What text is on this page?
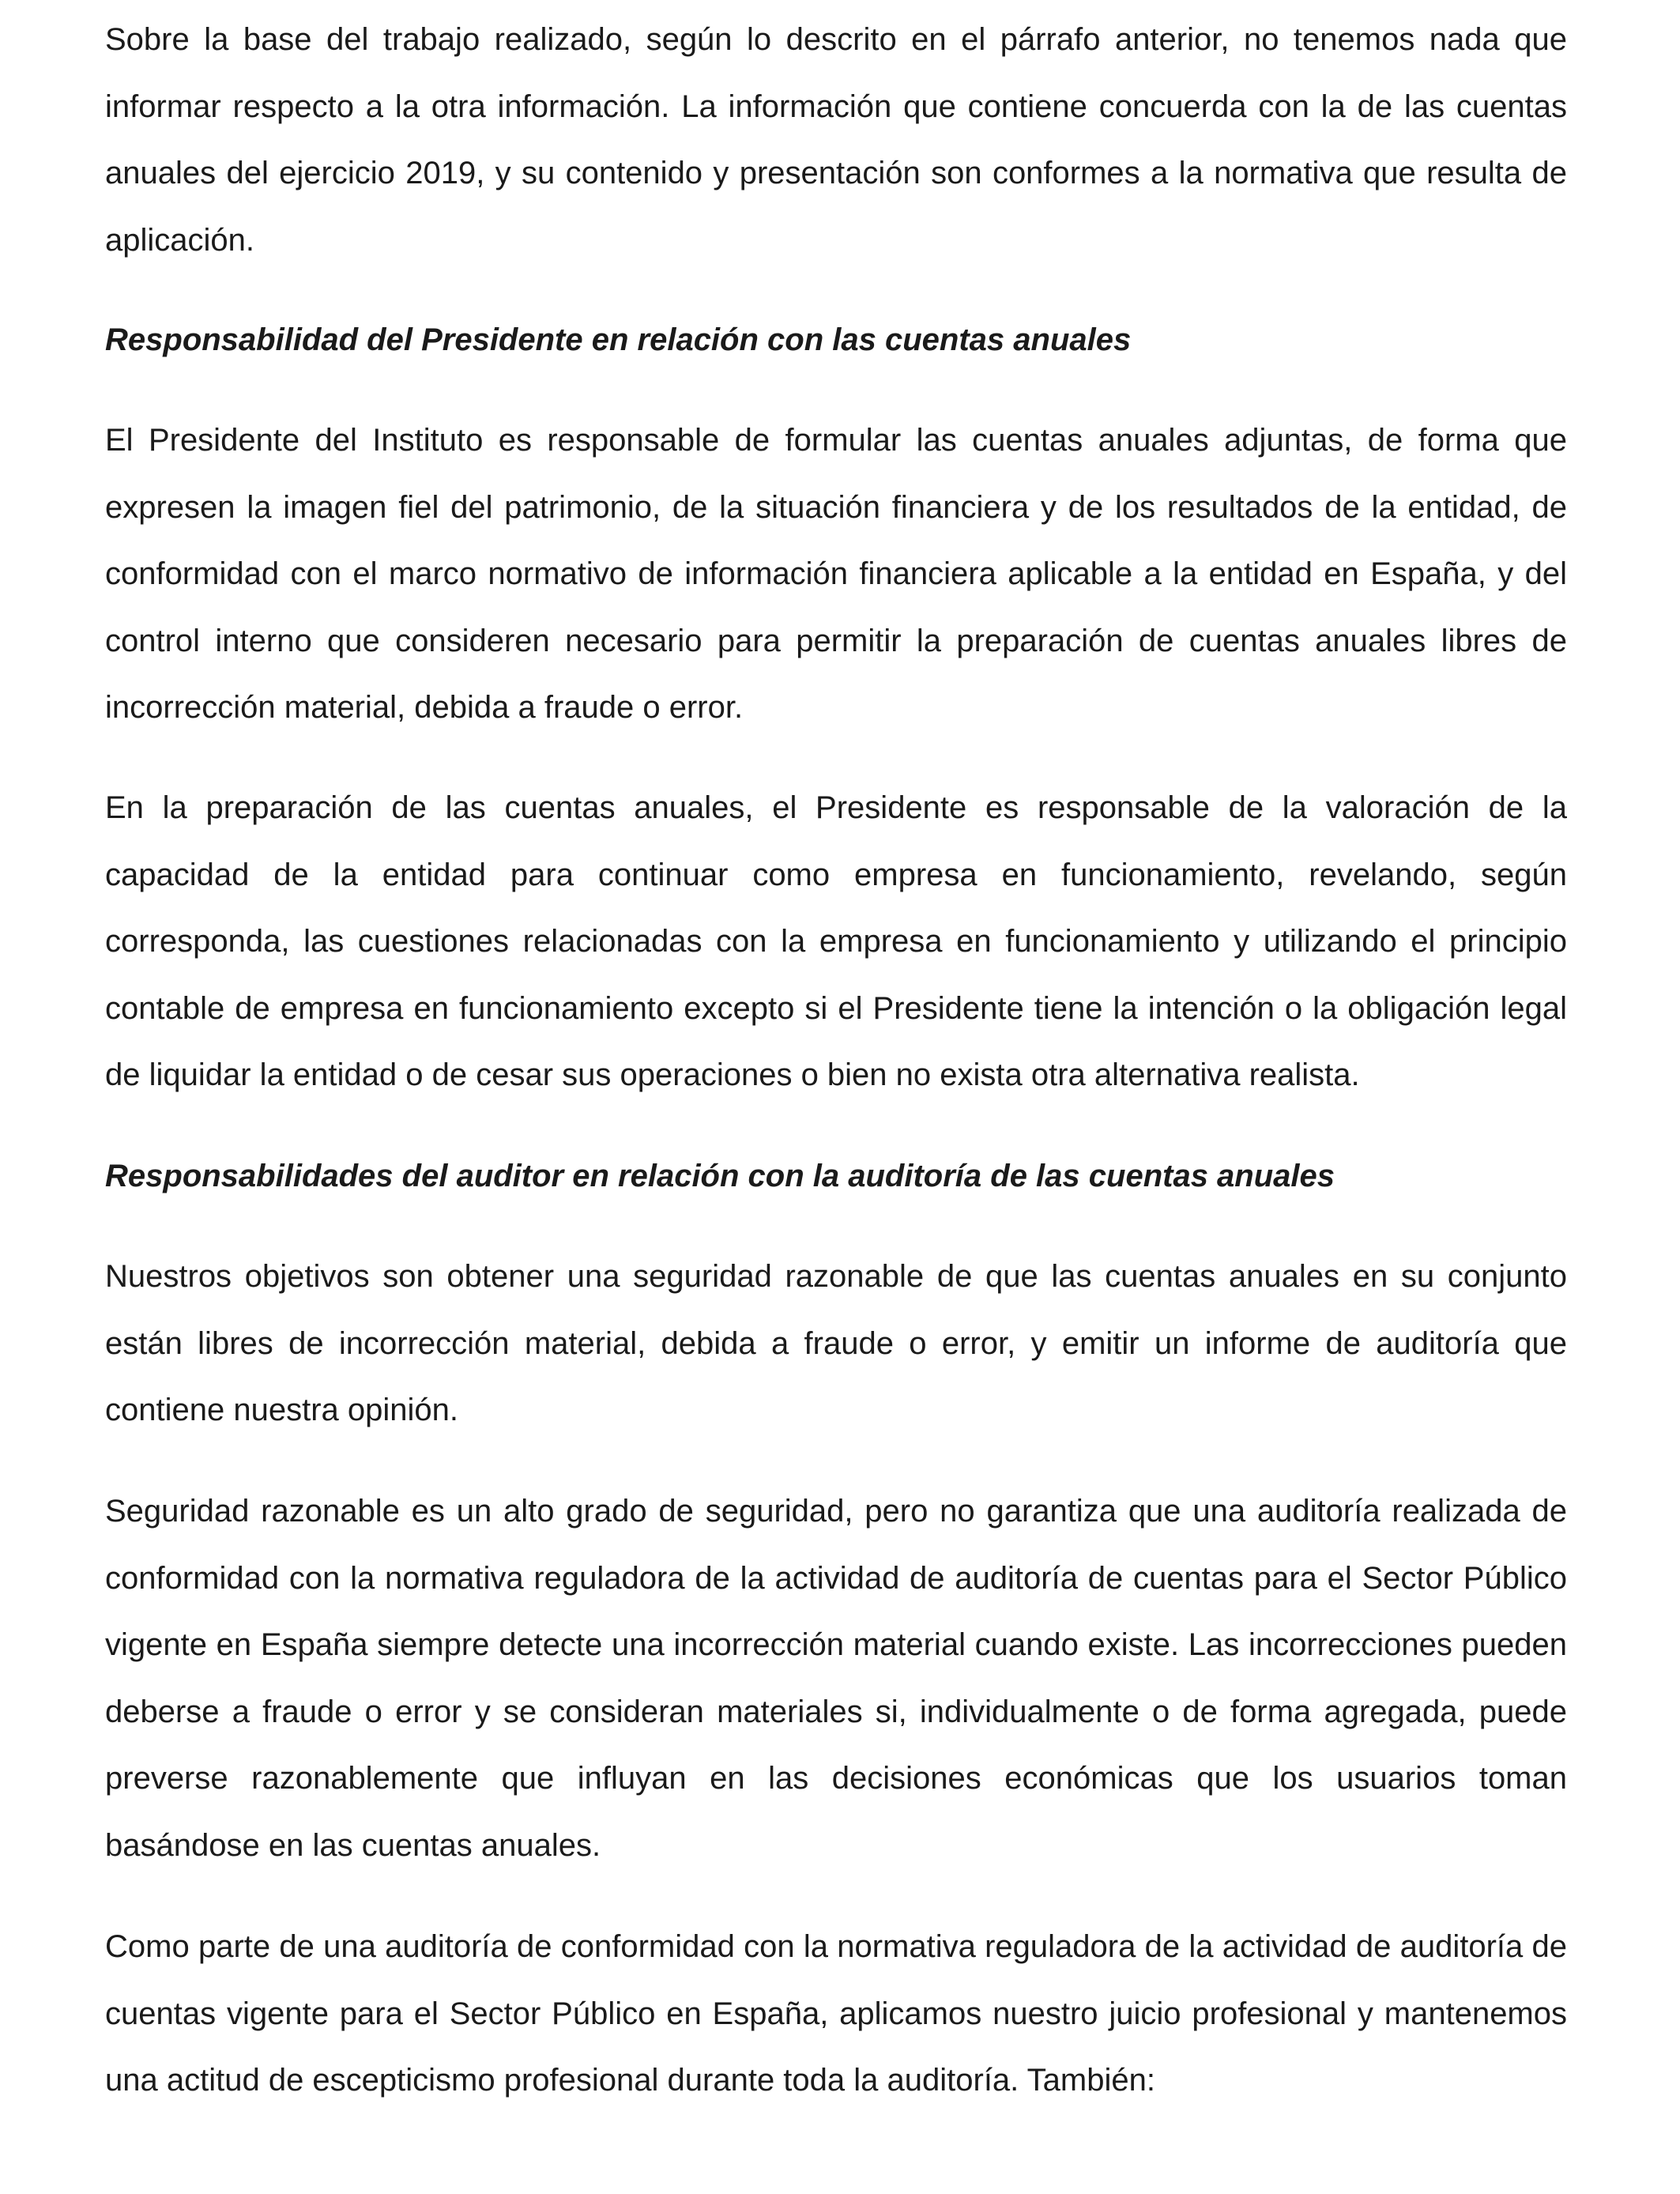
Sobre la base del trabajo realizado, según lo descrito en el párrafo anterior, no tenemos nada que informar respecto a la otra información. La información que contiene concuerda con la de las cuentas anuales del ejercicio 2019, y su contenido y presentación son conformes a la normativa que resulta de aplicación.

Responsabilidad del Presidente en relación con las cuentas anuales

El Presidente del Instituto es responsable de formular las cuentas anuales adjuntas, de forma que expresen la imagen fiel del patrimonio, de la situación financiera y de los resultados de la entidad, de conformidad con el marco normativo de información financiera aplicable a la entidad en España, y del control interno que consideren necesario para permitir la preparación de cuentas anuales libres de incorrección material, debida a fraude o error.

En la preparación de las cuentas anuales, el Presidente es responsable de la valoración de la capacidad de la entidad para continuar como empresa en funcionamiento, revelando, según corresponda, las cuestiones relacionadas con la empresa en funcionamiento y utilizando el principio contable de empresa en funcionamiento excepto si el Presidente tiene la intención o la obligación legal de liquidar la entidad o de cesar sus operaciones o bien no exista otra alternativa realista.

Responsabilidades del auditor en relación con la auditoría de las cuentas anuales

Nuestros objetivos son obtener una seguridad razonable de que las cuentas anuales en su conjunto están libres de incorrección material, debida a fraude o error, y emitir un informe de auditoría que contiene nuestra opinión.

Seguridad razonable es un alto grado de seguridad, pero no garantiza que una auditoría realizada de conformidad con la normativa reguladora de la actividad de auditoría de cuentas para el Sector Público vigente en España siempre detecte una incorrección material cuando existe. Las incorrecciones pueden deberse a fraude o error y se consideran materiales si, individualmente o de forma agregada, puede preverse razonablemente que influyan en las decisiones económicas que los usuarios toman basándose en las cuentas anuales.

Como parte de una auditoría de conformidad con la normativa reguladora de la actividad de auditoría de cuentas vigente para el Sector Público en España, aplicamos nuestro juicio profesional y mantenemos una actitud de escepticismo profesional durante toda la auditoría. También:
